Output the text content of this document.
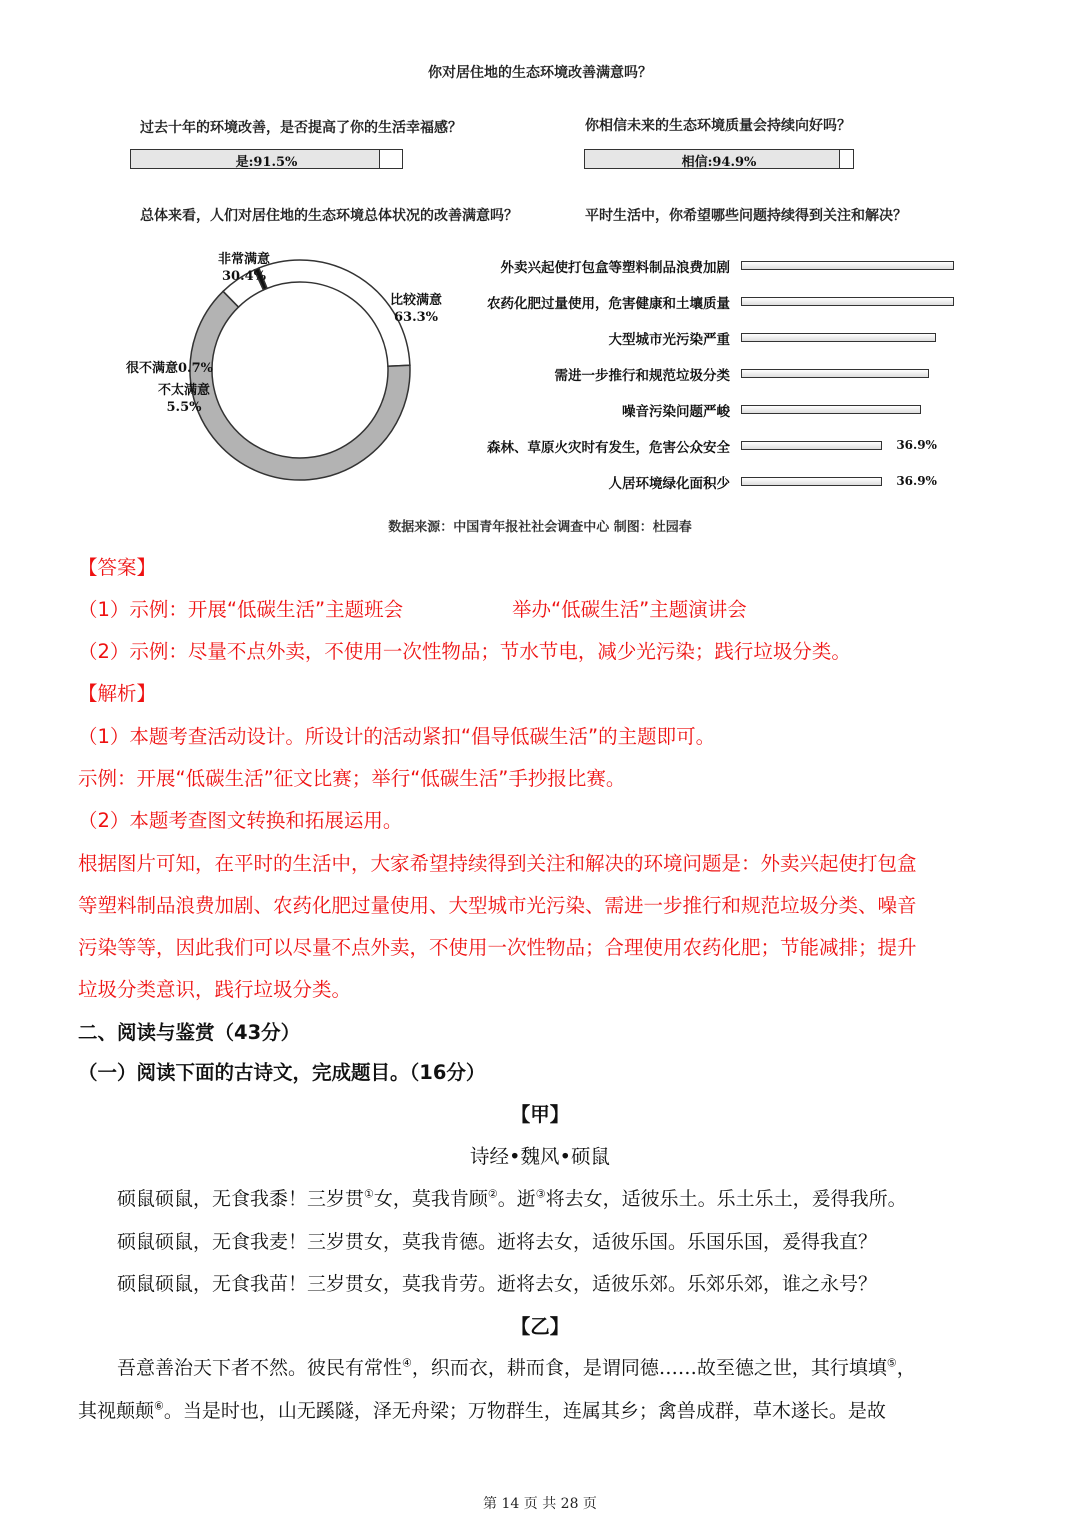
你对居住地的生态环境改善满意吗？
过去十年的环境改善，是否提高了你的生活幸福感？
是:91.5%
你相信未来的生态环境质量会持续向好吗？
相信:94.9%
总体来看，人们对居住地的生态环境总体状况的改善满意吗？	平时生活中，你希望哪些问题持续得到关注和解决？
非常满意
30.4%
比较满意
63.3%
很不满意0.7%
不太满意
5.5%
外卖兴起使打包盒等塑料制品浪费加剧
农药化肥过量使用，危害健康和土壤质量
大型城市光污染严重
需进一步推行和规范垃圾分类
噪音污染问题严峻
森林、草原火灾时有发生，危害公众安全	36.9%
人居环境绿化面积少	36.9%
数据来源：中国青年报社社会调查中心 制图：杜园春
【答案】
（1）示例：开展“低碳生活”主题班会	举办“低碳生活”主题演讲会
（2）示例：尽量不点外卖，不使用一次性物品；节水节电，减少光污染；践行垃圾分类。
【解析】
（1）本题考查活动设计。所设计的活动紧扣“倡导低碳生活”的主题即可。
示例：开展“低碳生活”征文比赛；举行“低碳生活”手抄报比赛。
（2）本题考查图文转换和拓展运用。
根据图片可知，在平时的生活中，大家希望持续得到关注和解决的环境问题是：外卖兴起使打包盒
等塑料制品浪费加剧、农药化肥过量使用、大型城市光污染、需进一步推行和规范垃圾分类、噪音
污染等等，因此我们可以尽量不点外卖，不使用一次性物品；合理使用农药化肥；节能减排；提升
垃圾分类意识，践行垃圾分类。
二、阅读与鉴赏（43分）
（一）阅读下面的古诗文，完成题目。（16分）
【甲】
诗经•魏风•硕鼠
硕鼠硕鼠，无食我黍！三岁贯①女，莫我肯顾②。逝③将去女，适彼乐土。乐土乐土，爰得我所。
硕鼠硕鼠，无食我麦！三岁贯女，莫我肯德。逝将去女，适彼乐国。乐国乐国，爰得我直？
硕鼠硕鼠，无食我苗！三岁贯女，莫我肯劳。逝将去女，适彼乐郊。乐郊乐郊，谁之永号？
【乙】
吾意善治天下者不然。彼民有常性④，织而衣，耕而食，是谓同德……故至德之世，其行填填⑤，
其视颠颠⑥。当是时也，山无蹊隧，泽无舟梁；万物群生，连属其乡；禽兽成群，草木遂长。是故
第 14 页 共 28 页
